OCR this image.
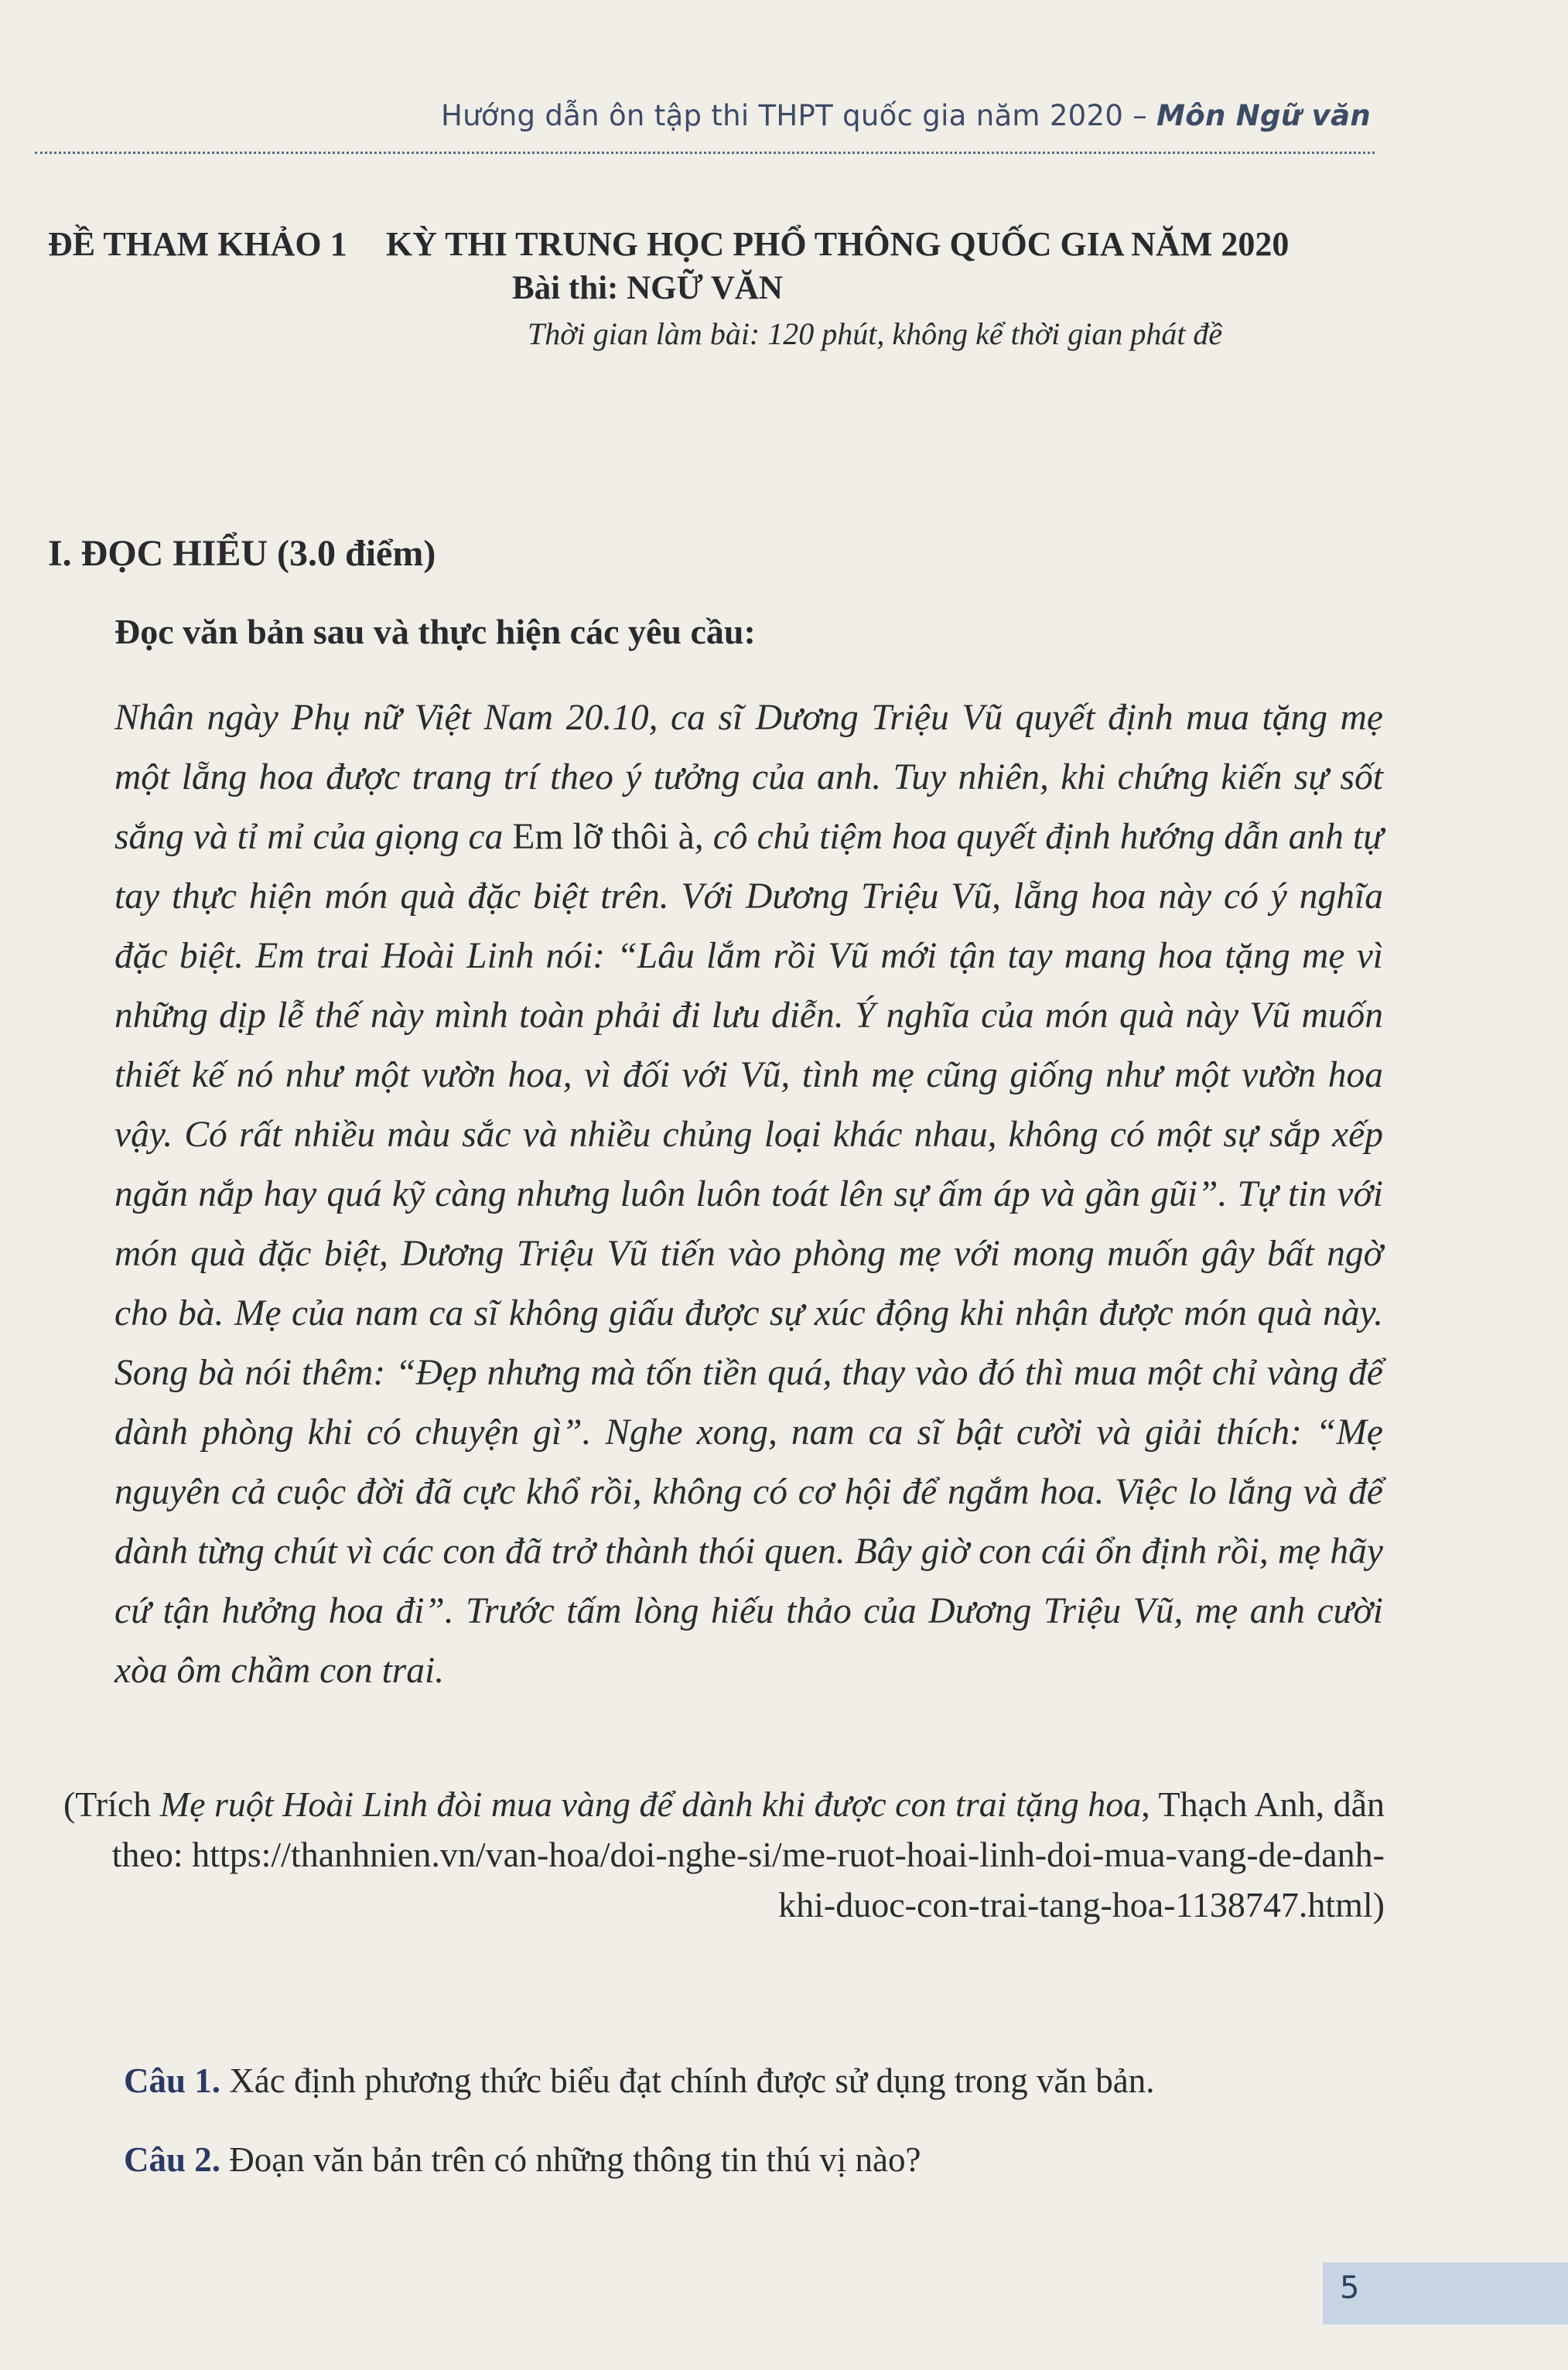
Hướng dẫn ôn tập thi THPT quốc gia năm 2020 – Môn Ngữ văn
ĐỀ THAM KHẢO 1 KỲ THI TRUNG HỌC PHỔ THÔNG QUỐC GIA NĂM 2020
Bài thi: NGỮ VĂN
Thời gian làm bài: 120 phút, không kể thời gian phát đề
I. ĐỌC HIỂU (3.0 điểm)
Đọc văn bản sau và thực hiện các yêu cầu:
Nhân ngày Phụ nữ Việt Nam 20.10, ca sĩ Dương Triệu Vũ quyết định mua tặng mẹ một lẵng hoa được trang trí theo ý tưởng của anh. Tuy nhiên, khi chứng kiến sự sốt sắng và tỉ mỉ của giọng ca Em lỡ thôi à, cô chủ tiệm hoa quyết định hướng dẫn anh tự tay thực hiện món quà đặc biệt trên. Với Dương Triệu Vũ, lẵng hoa này có ý nghĩa đặc biệt. Em trai Hoài Linh nói: “Lâu lắm rồi Vũ mới tận tay mang hoa tặng mẹ vì những dịp lễ thế này mình toàn phải đi lưu diễn. Ý nghĩa của món quà này Vũ muốn thiết kế nó như một vườn hoa, vì đối với Vũ, tình mẹ cũng giống như một vườn hoa vậy. Có rất nhiều màu sắc và nhiều chủng loại khác nhau, không có một sự sắp xếp ngăn nắp hay quá kỹ càng nhưng luôn luôn toát lên sự ấm áp và gần gũi”. Tự tin với món quà đặc biệt, Dương Triệu Vũ tiến vào phòng mẹ với mong muốn gây bất ngờ cho bà. Mẹ của nam ca sĩ không giấu được sự xúc động khi nhận được món quà này. Song bà nói thêm: “Đẹp nhưng mà tốn tiền quá, thay vào đó thì mua một chỉ vàng để dành phòng khi có chuyện gì”. Nghe xong, nam ca sĩ bật cười và giải thích: “Mẹ nguyên cả cuộc đời đã cực khổ rồi, không có cơ hội để ngắm hoa. Việc lo lắng và để dành từng chút vì các con đã trở thành thói quen. Bây giờ con cái ổn định rồi, mẹ hãy cứ tận hưởng hoa đi”. Trước tấm lòng hiếu thảo của Dương Triệu Vũ, mẹ anh cười xòa ôm chầm con trai.
(Trích Mẹ ruột Hoài Linh đòi mua vàng để dành khi được con trai tặng hoa, Thạch Anh, dẫn theo: https://thanhnien.vn/van-hoa/doi-nghe-si/me-ruot-hoai-linh-doi-mua-vang-de-danh-khi-duoc-con-trai-tang-hoa-1138747.html)
Câu 1. Xác định phương thức biểu đạt chính được sử dụng trong văn bản.
Câu 2. Đoạn văn bản trên có những thông tin thú vị nào?
5
